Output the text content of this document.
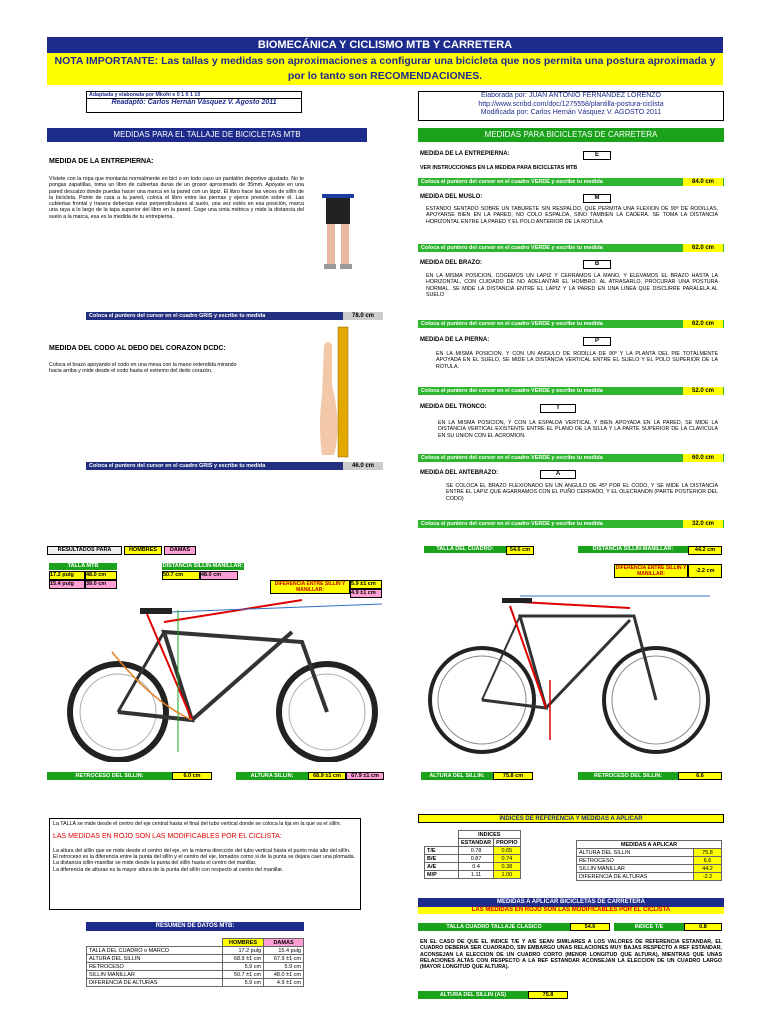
BIOMECÁNICA Y CICLISMO MTB Y CARRETERA
NOTA IMPORTANTE: Las tallas y medidas son aproximaciones a configurar una bicicleta que nos permita una postura aproximada y por lo tanto son RECOMENDACIONES.
Adaptada y elaborada por Mkohi s 0 1 0 1 10
Readaptó: Carlos Hernán Vásquez V. Agosto 2011
Elaborada por: JUAN ANTONIO FERNANDEZ LORENZO
http://www.scribd.com/doc/1275558/plantilla-postura-ciclista
Modificada por: Carlos Hernán Vásquez V. AGOSTO 2011
MEDIDAS PARA EL TALLAJE DE BICICLETAS MTB
MEDIDA DE LA ENTREPIERNA:
Vístete con la ropa que montarás normalmente en bici o en todo caso un pantalón deportivo ajustado. No te pongas zapatillas, toma un libro de cubiertas duras de un grosor aproximado de 35mm. Apóyate en una pared descalzo donde puedas hacer una marca en la pared con un lápiz. El libro hace las veces de sillín de la bicicleta. Ponte de cara a la pared, coloca el libro entre las piernas y ejerce presión sobre él. Las cubiertas frontal y trasera deberían estar perpendiculares al suelo, una vez estés en esa posición, marca una raya a lo largo de la tapa superior del libro en la pared. Coge una cinta métrica y mide la distancia del suelo a la marca, esa es la medida de tu entrepierna.
Coloca el puntero del cursor en el cuadro GRIS y escribe tu medida	78.0 cm
MEDIDA DEL CODO AL DEDO DEL CORAZON DCDC:
Coloca el brazo apoyando el codo en una mesa con la mano extendida mirando hacia arriba y mide desde el codo hasta el extremo del dedo corazón.
Coloca el puntero del cursor en el cuadro GRIS y escribe tu medida	46.0 cm
MEDIDAS PARA BICICLETAS DE CARRETERA
MEDIDA DE LA ENTREPIERNA:	E
VER INSTRUCCIONES EN LA MEDIDA PARA BICICLETAS MTB
Coloca el puntero del cursor en el cuadro VERDE y escribe tu medida	84.0 cm
MEDIDA DEL MUSLO:	M
ESTANDO SENTADO SOBRE UN TABURETE SIN RESPALDO, QUE PERMITA UNA FLEXION DE 90º DE RODILLAS, APOYARSE BIEN EN LA PARED, NO COLO ESPALDA, SINO TAMBIEN LA CADERA. SE TOMA LA DISTANCIA HORIZONTAL ENTRE LA PARED Y EL POLO ANTERIOR DE LA ROTULA
Coloca el puntero del cursor en el cuadro VERDE y escribe tu medida	62.0 cm
MEDIDA DEL BRAZO:	B
EN LA MISMA POSICION, COGEMOS UN LAPIZ Y CERRAMOS LA MANO, Y ELEVAMOS EL BRAZO HASTA LA HORIZONTAL, CON CUIDADO DE NO ADELANTAR EL HOMBRO. AL ATRASARLO, PROCURAR UNA POSTURA NORMAL. SE MIDE LA DISTANCIA ENTRE EL LAPIZ Y LA PARED EN UNA LINEA QUE DISCURRE PARALELA AL SUELO
Coloca el puntero del cursor en el cuadro VERDE y escribe tu medida	62.0 cm
MEDIDA DE LA PIERNA:	P
EN LA MISMA POSICION, Y CON UN ANGULO DE RODILLA DE 90º Y LA PLANTA DEL PIE TOTALMENTE APOYADA EN EL SUELO, SE MIDE LA DISTANCIA VERTICAL ENTRE EL SUELO Y EL POLO SUPERIOR DE LA ROTULA.
Coloca el puntero del cursor en el cuadro VERDE y escribe tu medida	52.0 cm
MEDIDA DEL TRONCO:	T
EN LA MISMA POSICION, Y CON LA ESPALDA VERTICAL Y BIEN APOYADA EN LA PARED, SE MIDE LA DISTANCIA VERTICAL EXISTENTE ENTRE EL PLANO DE LA SILLA Y LA PARTE SUPERIOR DE LA CLAVICULA EN SU UNION CON EL ACROMION.
Coloca el puntero del cursor en el cuadro VERDE y escribe tu medida	60.0 cm
MEDIDA DEL ANTEBRAZO:	A
SE COLOCA EL BRAZO FLEXIONADO EN UN ANGULO DE 45º POR EL CODO, Y SE MIDE LA DISTANCIA ENTRE EL LAPIZ QUE AGARRAMOS CON EL PUÑO CERRADO, Y EL OLECRANON (PARTE POSTERIOR DEL CODO)
Coloca el puntero del cursor en el cuadro VERDE y escribe tu medida	32.0 cm
RESULTADOS PARA	HOMBRES	DAMAS
TALLA MTB
17.2 pulg	48.0 cm
15.4 pulg	39.0 cm
DISTANCIA SILLIN-MANILLAR:
50.7 cm	48.0 cm
DIFERENCIA ENTRE SILLIN Y MANILLAR:
5.9 ±1 cm
4.9 ±1 cm
RETROCESO DEL SILLIN:	6.0 cm	ALTURA SILLIN:	68.9 ±1 cm	67.9 ±1 cm
TALLA DEL CUADRO:	54.6 cm	DISTANCIA SILLIN-MANILLAR:	44.2 cm
DIFERENCIA ENTRE SILLIN Y MANILLAR:	-2.2 cm
ALTURA DEL SILLIN:	75.8 cm	RETROCESO DEL SILLIN:	6.6
La TALLA se mide desde el centro del eje central hasta el final del tubo vertical donde se coloca la tija en la que va el sillín.
LAS MEDIDAS EN ROJO SON LAS MODIFICABLES POR EL CICLISTA:
La altura del sillín que se mide desde el centro del eje, en la misma dirección del tubo vertical hasta el punto más alto del sillín.
El retroceso es la diferencia entre la punta del sillín y el centro del eje, tomados como si de la punta se dejara caer una plomada.
La distancia sillín-manillar se mide desde la punta del sillín hasta el centro del manillar.
La diferencia de alturas es la mayor altura de la punta del sillín con respecto al centro del manillar.
RESUMEN DE DATOS MTB:
	HOMBRES	DAMAS
TALLA DEL CUADRO o MARCO	17.2 pulg	15.4 pulg
ALTURA DEL SILLIN	68.9 ±1 cm	67.9 ±1 cm
RETROCESO	5.9 cm	5.9 cm
SILLIN MANILLAR	50.7 ±1 cm	48.0 ±1 cm
DIFERENCIA DE ALTURAS	5.9 cm	4.9 ±1 cm
INDICES DE REFERENCIA Y MEDIDAS A APLICAR
	INDICES	
	ESTANDAR	PROPIO
T/E	0.78	0.65
B/E	0.87	0.74
A/E	0.4	0.38
M/P	1.11	1.00
MEDIDAS A APLICAR	
ALTURA DEL SILLIN	75.8
RETROCESO	6.6
SILLIN MANILLAR	44.2
DIFERENCIA DE ALTURAS	-2.2
MEDIDAS A APLICAR BICICLETAS DE CARRETERA
LAS MEDIDAS EN ROJO SON LAS MODIFICABLES POR EL CICLISTA
TALLA CUADRO TALLAJE CLASICO	54.6	INDICE T/E	0.8
EN EL CASO DE QUE EL INDICE T/E Y A/E SEAN SIMILARES A LOS VALORES DE REFERENCIA ESTANDAR, EL CUADRO DEBERIA SER CUADRADO, SIN EMBARGO UNAS RELACIONES MUY BAJAS RESPECTO A REF ESTANDAR, ACONSEJAN LA ELECCION DE UN CUADRO CORTO (MENOR LONGITUD QUE ALTURA), MIENTRAS QUE UNAS RELACIONES ALTAS CON RESPECTO A LA REF ESTANDAR ACONSEJAN LA ELECCION DE UN CUADRO LARGO (MAYOR LONGITUD QUE ALTURA).
ALTURA DEL SILLIN (AS)	75.8
